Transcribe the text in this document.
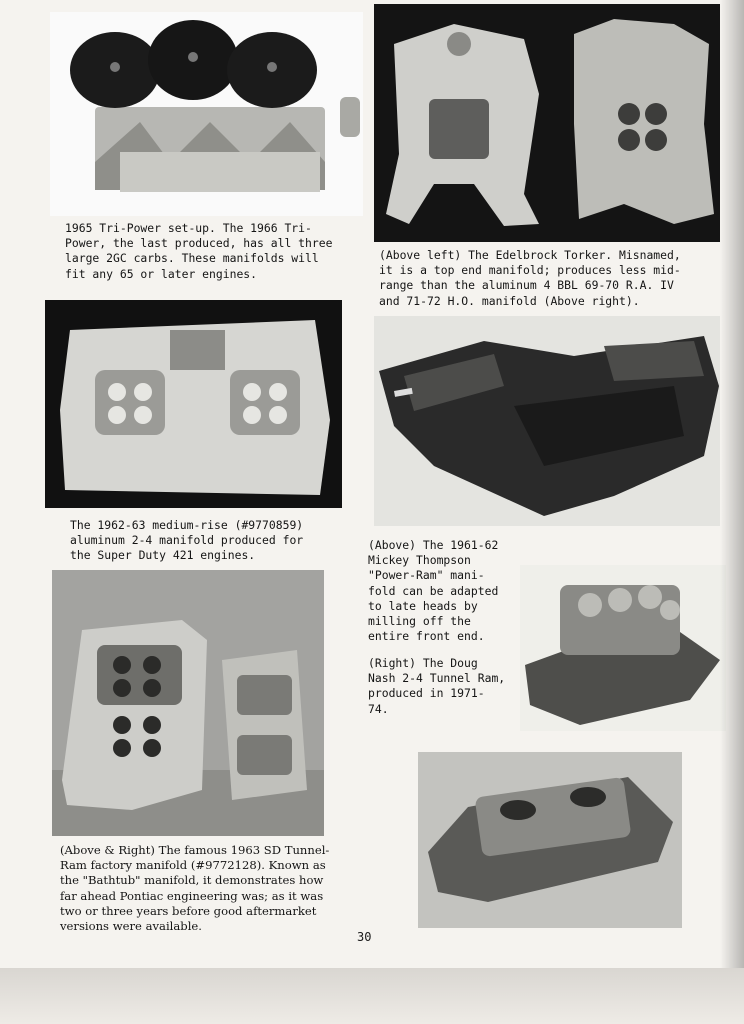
1965 Tri-Power set-up. The 1966 Tri-
Power, the last produced, has all three
large 2GC carbs. These manifolds will
fit any 65 or later engines.
(Above left) The Edelbrock Torker. Misnamed,
it is a top end manifold; produces less mid-
range than the aluminum 4 BBL 69-70 R.A. IV
and 71-72 H.O. manifold (Above right).
The 1962-63 medium-rise (#9770859)
aluminum 2-4 manifold produced for
the Super Duty 421 engines.
(Above) The 1961-62
Mickey Thompson
"Power-Ram" mani-
fold can be adapted
to late heads by
milling off the
entire front end.
(Right) The Doug
Nash 2-4 Tunnel Ram,
produced in 1971-
74.
(Above & Right) The famous 1963 SD Tunnel-
Ram factory manifold (#9772128). Known as
the "Bathtub" manifold, it demonstrates how
far ahead Pontiac engineering was; as it was
two or three years before good aftermarket
versions were available.
30
